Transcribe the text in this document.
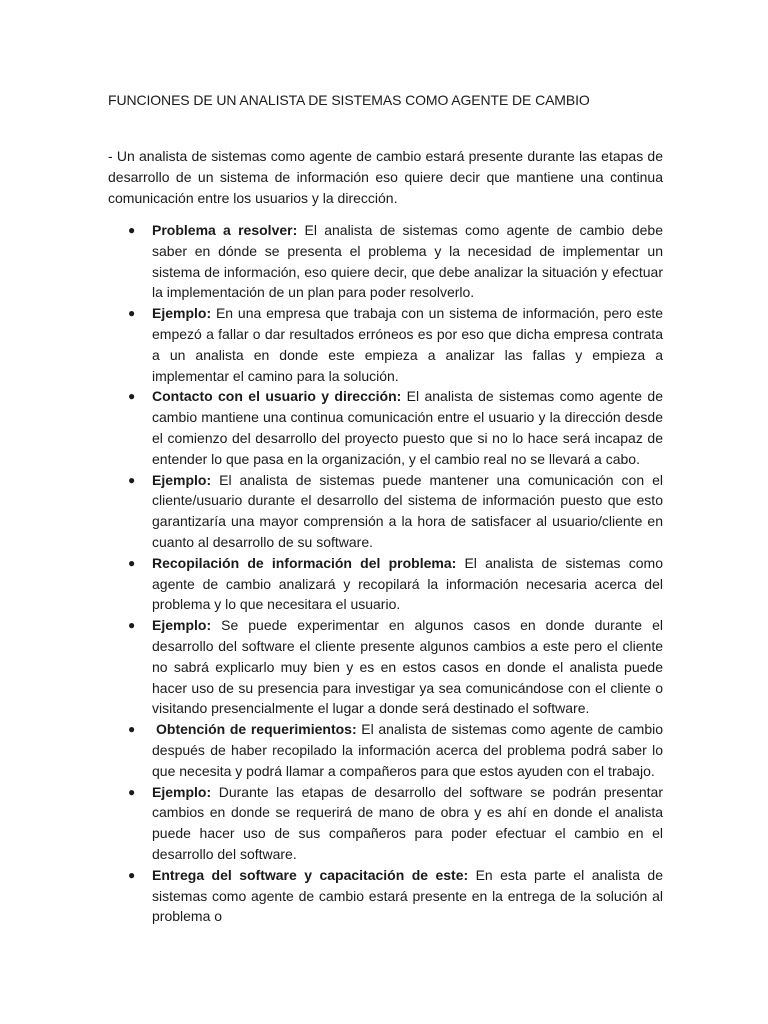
FUNCIONES DE UN ANALISTA DE SISTEMAS COMO AGENTE DE CAMBIO

- Un analista de sistemas como agente de cambio estará presente durante las etapas de desarrollo de un sistema de información eso quiere decir que mantiene una continua comunicación entre los usuarios y la dirección.

● Problema a resolver: El analista de sistemas como agente de cambio debe saber en dónde se presenta el problema y la necesidad de implementar un sistema de información, eso quiere decir, que debe analizar la situación y efectuar la implementación de un plan para poder resolverlo.
● Ejemplo: En una empresa que trabaja con un sistema de información, pero este empezó a fallar o dar resultados erróneos es por eso que dicha empresa contrata a un analista en donde este empieza a analizar las fallas y empieza a implementar el camino para la solución.
● Contacto con el usuario y dirección: El analista de sistemas como agente de cambio mantiene una continua comunicación entre el usuario y la dirección desde el comienzo del desarrollo del proyecto puesto que si no lo hace será incapaz de entender lo que pasa en la organización, y el cambio real no se llevará a cabo.
● Ejemplo: El analista de sistemas puede mantener una comunicación con el cliente/usuario durante el desarrollo del sistema de información puesto que esto garantizaría una mayor comprensión a la hora de satisfacer al usuario/cliente en cuanto al desarrollo de su software.
● Recopilación de información del problema: El analista de sistemas como agente de cambio analizará y recopilará la información necesaria acerca del problema y lo que necesitara el usuario.
● Ejemplo: Se puede experimentar en algunos casos en donde durante el desarrollo del software el cliente presente algunos cambios a este pero el cliente no sabrá explicarlo muy bien y es en estos casos en donde el analista puede hacer uso de su presencia para investigar ya sea comunicándose con el cliente o visitando presencialmente el lugar a donde será destinado el software.
● Obtención de requerimientos: El analista de sistemas como agente de cambio después de haber recopilado la información acerca del problema podrá saber lo que necesita y podrá llamar a compañeros para que estos ayuden con el trabajo.
● Ejemplo: Durante las etapas de desarrollo del software se podrán presentar cambios en donde se requerirá de mano de obra y es ahí en donde el analista puede hacer uso de sus compañeros para poder efectuar el cambio en el desarrollo del software.
● Entrega del software y capacitación de este: En esta parte el analista de sistemas como agente de cambio estará presente en la entrega de la solución al problema o
